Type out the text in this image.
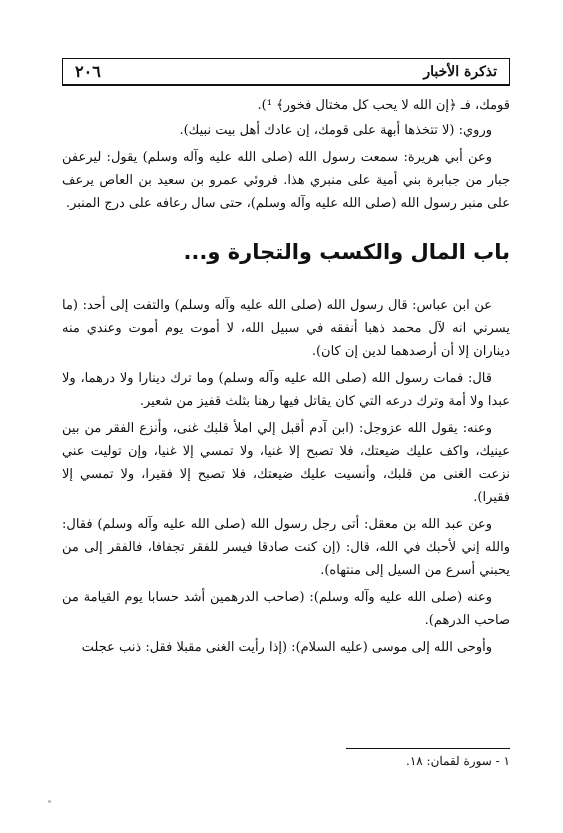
٢٠٦	تذكرة الأخبار

قومك، فـ ﴿إن الله لا يحب كل مختال فخور﴾ ¹).

وروي: (لا تتخذها أبهة على قومك، إن عادك أهل بيت نبيك).

وعن أبي هريرة: سمعت رسول الله (صلى الله عليه وآله وسلم) يقول: ليرعفن جبار من جبابرة بني أمية على منبري هذا. فروئي عمرو بن سعيد بن العاص يرعف على منبر رسول الله (صلى الله عليه وآله وسلم)، حتى سال رعافه على درج المنبر.

باب المال والكسب والتجارة و...

عن ابن عباس: قال رسول الله (صلى الله عليه وآله وسلم) والتفت إلى أحد: (ما يسرني انه لآل محمد ذهبا أنفقه في سبيل الله، لا أموت يوم أموت وعندي منه ديناران إلا أن أرصدهما لدين إن كان).

قال: فمات رسول الله (صلى الله عليه وآله وسلم) وما ترك دينارا ولا درهما، ولا عبدا ولا أمة وترك درعه التي كان يقاتل فيها رهنا بثلث قفيز من شعير.

وعنه: يقول الله عزوجل: (ابن آدم أقبل إلي املأ قلبك غنى، وأنزع الفقر من بين عينيك، واكف عليك ضيعتك، فلا تصبح إلا غنيا، ولا تمسي إلا غنيا، وإن توليت عني نزعت الغنى من قلبك، وأنسيت عليك ضيعتك، فلا تصبح إلا فقيرا، ولا تمسي إلا فقيرا).

وعن عبد الله بن معقل: أتى رجل رسول الله (صلى الله عليه وآله وسلم) فقال: والله إني لأحبك في الله، قال: (إن كنت صادقا فيسر للفقر تجفافا، فالفقر إلى من يحبني أسرع من السيل إلى منتهاه).

وعنه (صلى الله عليه وآله وسلم): (صاحب الدرهمين أشد حسابا يوم القيامة من صاحب الدرهم).

وأوحى الله إلى موسى (عليه السلام): (إذا رأيت الغنى مقبلا فقل: ذنب عجلت

١ - سورة لقمان: ١٨.
